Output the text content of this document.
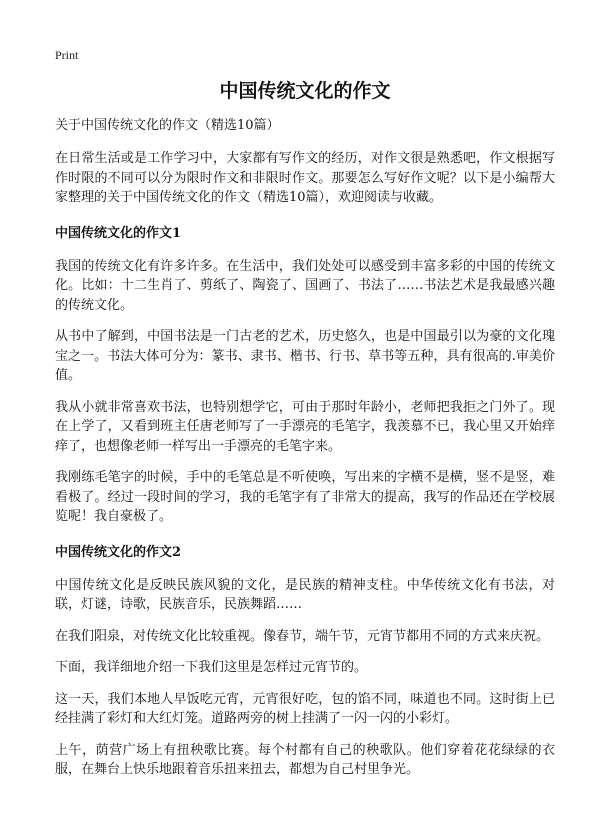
Print
中国传统文化的作文
关于中国传统文化的作文（精选10篇）

在日常生活或是工作学习中，大家都有写作文的经历，对作文很是熟悉吧，作文根据写作时限的不同可以分为限时作文和非限时作文。那要怎么写好作文呢？以下是小编帮大家整理的关于中国传统文化的作文（精选10篇），欢迎阅读与收藏。

中国传统文化的作文1

我国的传统文化有许多许多。在生活中，我们处处可以感受到丰富多彩的中国的传统文化。比如：十二生肖了、剪纸了、陶瓷了、国画了、书法了……书法艺术是我最感兴趣的传统文化。

从书中了解到，中国书法是一门古老的艺术，历史悠久，也是中国最引以为豪的文化瑰宝之一。书法大体可分为：篆书、隶书、楷书、行书、草书等五种，具有很高的.审美价值。

我从小就非常喜欢书法，也特别想学它，可由于那时年龄小，老师把我拒之门外了。现在上学了，又看到班主任唐老师写了一手漂亮的毛笔字，我羡慕不已，我心里又开始痒痒了，也想像老师一样写出一手漂亮的毛笔字来。

我刚练毛笔字的时候，手中的毛笔总是不听使唤，写出来的字横不是横，竖不是竖，难看极了。经过一段时间的学习，我的毛笔字有了非常大的提高，我写的作品还在学校展览呢！我自豪极了。

中国传统文化的作文2

中国传统文化是反映民族风貌的文化，是民族的精神支柱。中华传统文化有书法，对联，灯谜，诗歌，民族音乐，民族舞蹈……

在我们阳泉，对传统文化比较重视。像春节，端午节，元宵节都用不同的方式来庆祝。

下面，我详细地介绍一下我们这里是怎样过元宵节的。

这一天，我们本地人早饭吃元宵，元宵很好吃，包的馅不同，味道也不同。这时街上已经挂满了彩灯和大红灯笼。道路两旁的树上挂满了一闪一闪的小彩灯。

上午，荫营广场上有扭秧歌比赛。每个村都有自己的秧歌队。他们穿着花花绿绿的衣服，在舞台上快乐地跟着音乐扭来扭去，都想为自己村里争光。
